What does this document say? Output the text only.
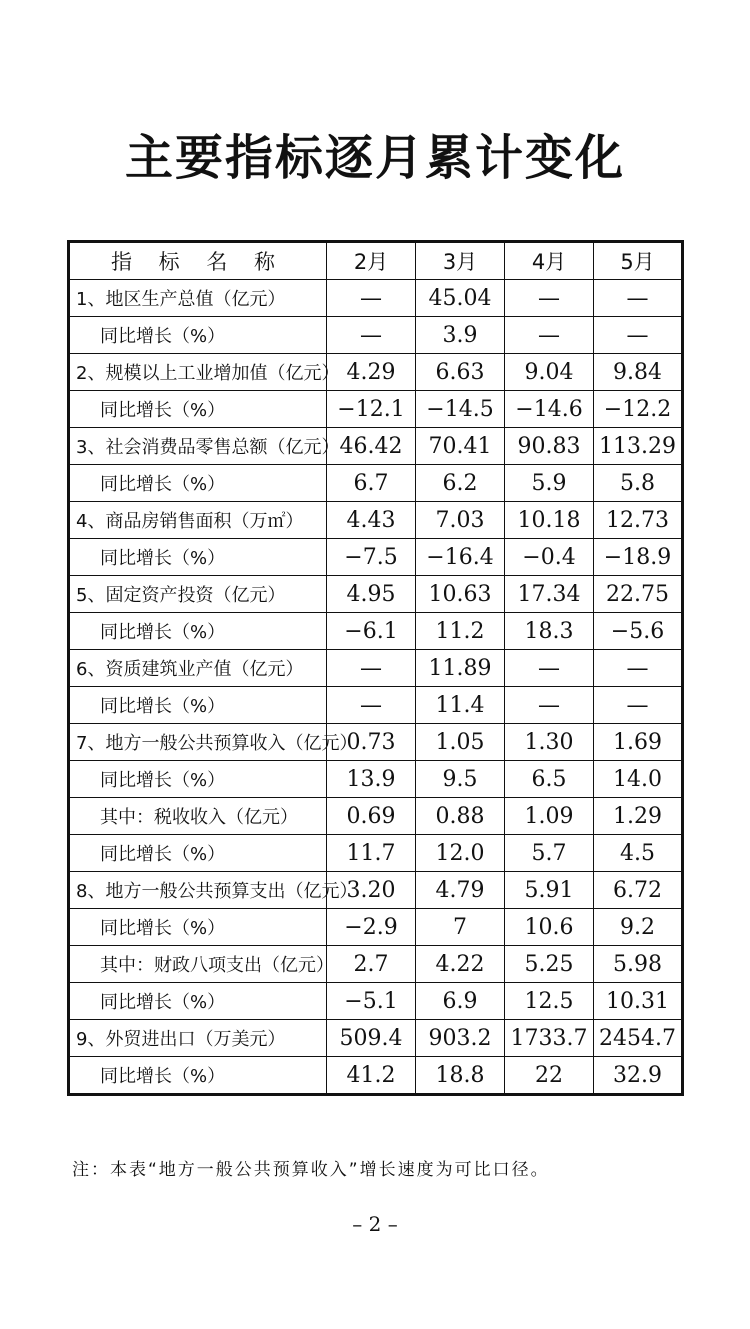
主要指标逐月累计变化
指 标 名 称	2月	3月	4月	5月
1、地区生产总值（亿元）	—	45.04	—	—
同比增长（%）	—	3.9	—	—
2、规模以上工业增加值（亿元）	4.29	6.63	9.04	9.84
同比增长（%）	−12.1	−14.5	−14.6	−12.2
3、社会消费品零售总额（亿元）	46.42	70.41	90.83	113.29
同比增长（%）	6.7	6.2	5.9	5.8
4、商品房销售面积（万㎡）	4.43	7.03	10.18	12.73
同比增长（%）	−7.5	−16.4	−0.4	−18.9
5、固定资产投资（亿元）	4.95	10.63	17.34	22.75
同比增长（%）	−6.1	11.2	18.3	−5.6
6、资质建筑业产值（亿元）	—	11.89	—	—
同比增长（%）	—	11.4	—	—
7、地方一般公共预算收入（亿元）	0.73	1.05	1.30	1.69
同比增长（%）	13.9	9.5	6.5	14.0
其中：税收收入（亿元）	0.69	0.88	1.09	1.29
同比增长（%）	11.7	12.0	5.7	4.5
8、地方一般公共预算支出（亿元）	3.20	4.79	5.91	6.72
同比增长（%）	−2.9	7	10.6	9.2
其中：财政八项支出（亿元）	2.7	4.22	5.25	5.98
同比增长（%）	−5.1	6.9	12.5	10.31
9、外贸进出口（万美元）	509.4	903.2	1733.7	2454.7
同比增长（%）	41.2	18.8	22	32.9

注：本表“地方一般公共预算收入”增长速度为可比口径。

– 2 –
